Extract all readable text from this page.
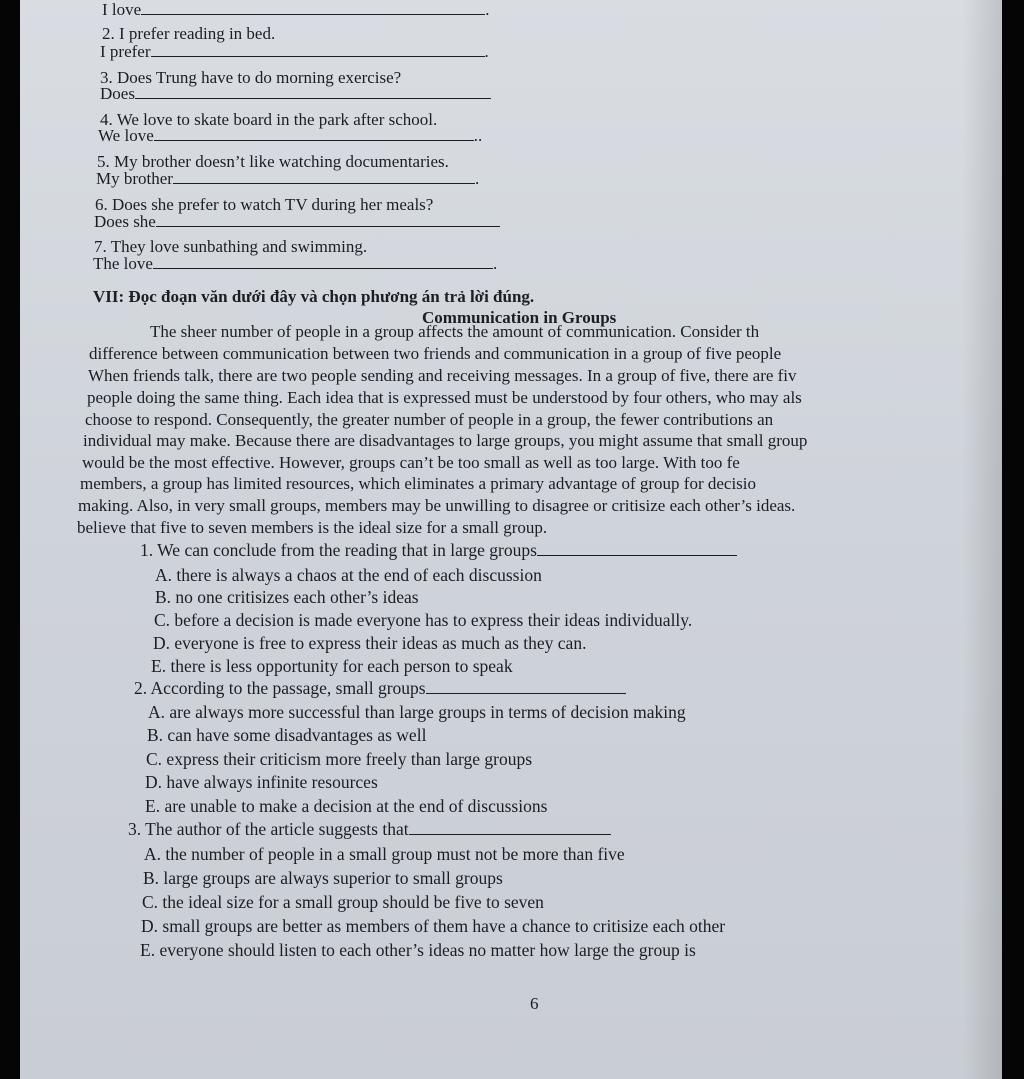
I love	.
2. I prefer reading in bed.
I prefer	.
3. Does Trung have to do morning exercise?
Does
4. We love to skate board in the park after school.
We love	..
5. My brother doesn’t like watching documentaries.
My brother	.
6. Does she prefer to watch TV during her meals?
Does she
7. They love sunbathing and swimming.
The love	.
VII: Đọc đoạn văn dưới đây và chọn phương án trả lời đúng.
Communication in Groups
The sheer number of people in a group affects the amount of communication. Consider th
difference between communication between two friends and communication in a group of five people
When friends talk, there are two people sending and receiving messages. In a group of five, there are fiv
people doing the same thing. Each idea that is expressed must be understood by four others, who may als
choose to respond. Consequently, the greater number of people in a group, the fewer contributions an
individual may make. Because there are disadvantages to large groups, you might assume that small group
would be the most effective. However, groups can’t be too small as well as too large. With too fe
members, a group has limited resources, which eliminates a primary advantage of group for decisio
making. Also, in very small groups, members may be unwilling to disagree or critisize each other’s ideas.
believe that five to seven members is the ideal size for a small group.
1. We can conclude from the reading that in large groups
A. there is always a chaos at the end of each discussion
B. no one critisizes each other’s ideas
C. before a decision is made everyone has to express their ideas individually.
D. everyone is free to express their ideas as much as they can.
E. there is less opportunity for each person to speak
2. According to the passage, small groups
A. are always more successful than large groups in terms of decision making
B. can have some disadvantages as well
C. express their criticism more freely than large groups
D. have always infinite resources
E. are unable to make a decision at the end of discussions
3. The author of the article suggests that
A. the number of people in a small group must not be more than five
B. large groups are always superior to small groups
C. the ideal size for a small group should be five to seven
D. small groups are better as members of them have a chance to critisize each other
E. everyone should listen to each other’s ideas no matter how large the group is
6
